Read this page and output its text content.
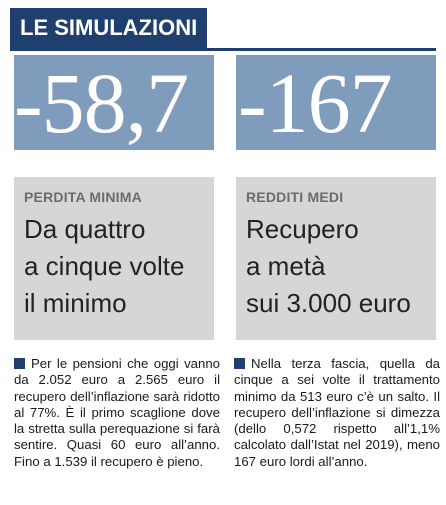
LE SIMULAZIONI
-58,7
PERDITA MINIMA
Da quattro
a cinque volte
il minimo
-167
REDDITI MEDI
Recupero
a metà
sui 3.000 euro
Per le pensioni che oggi vanno da 2.052 euro a 2.565 euro il recupero dell’inflazione sarà ridotto al 77%. È il primo scaglione dove la stretta sulla perequazione si farà sentire. Quasi 60 euro all’anno. Fino a 1.539 il recupero è pieno.
Nella terza fascia, quella da cinque a sei volte il trattamento minimo da 513 euro c’è un salto. Il recupero dell’inflazione si dimezza (dello 0,572 rispetto all’1,1% calcolato dall’Istat nel 2019), meno 167 euro lordi all’anno.
